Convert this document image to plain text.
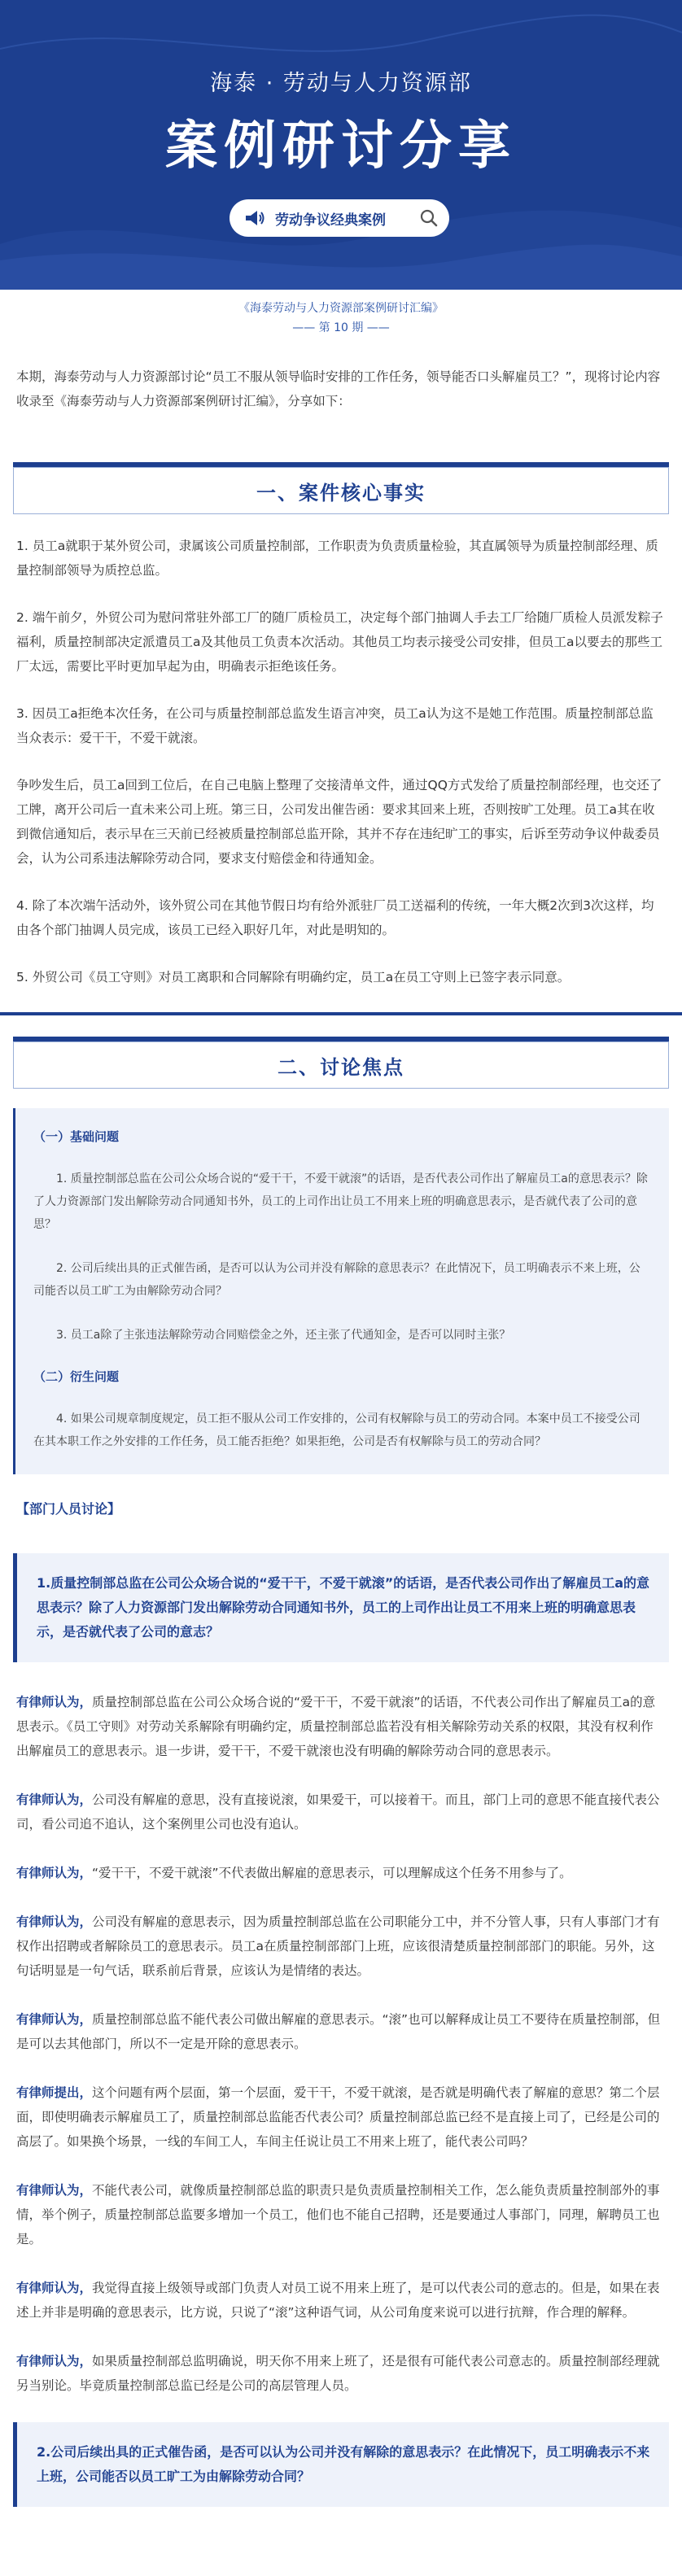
海泰 · 劳动与人力资源部
案例研讨分享
劳动争议经典案例
《海泰劳动与人力资源部案例研讨汇编》
—— 第 10 期 ——

本期，海泰劳动与人力资源部讨论“员工不服从领导临时安排的工作任务，领导能否口头解雇员工？”，现将讨论内容收录至《海泰劳动与人力资源部案例研讨汇编》，分享如下：

一、案件核心事实

1. 员工a就职于某外贸公司，隶属该公司质量控制部，工作职责为负责质量检验，其直属领导为质量控制部经理、质量控制部领导为质控总监。

2. 端午前夕，外贸公司为慰问常驻外部工厂的随厂质检员工，决定每个部门抽调人手去工厂给随厂质检人员派发粽子福利，质量控制部决定派遣员工a及其他员工负责本次活动。其他员工均表示接受公司安排，但员工a以要去的那些工厂太远，需要比平时更加早起为由，明确表示拒绝该任务。

3. 因员工a拒绝本次任务，在公司与质量控制部总监发生语言冲突，员工a认为这不是她工作范围。质量控制部总监当众表示：爱干干，不爱干就滚。

争吵发生后，员工a回到工位后，在自己电脑上整理了交接清单文件，通过QQ方式发给了质量控制部经理，也交还了工牌，离开公司后一直未来公司上班。第三日，公司发出催告函：要求其回来上班，否则按旷工处理。员工a其在收到微信通知后，表示早在三天前已经被质量控制部总监开除，其并不存在违纪旷工的事实，后诉至劳动争议仲裁委员会，认为公司系违法解除劳动合同，要求支付赔偿金和待通知金。

4. 除了本次端午活动外，该外贸公司在其他节假日均有给外派驻厂员工送福利的传统，一年大概2次到3次这样，均由各个部门抽调人员完成，该员工已经入职好几年，对此是明知的。

5. 外贸公司《员工守则》对员工离职和合同解除有明确约定，员工a在员工守则上已签字表示同意。

二、讨论焦点
（一）基础问题

1. 质量控制部总监在公司公众场合说的“爱干干，不爱干就滚”的话语，是否代表公司作出了解雇员工a的意思表示？除了人力资源部门发出解除劳动合同通知书外，员工的上司作出让员工不用来上班的明确意思表示，是否就代表了公司的意思？

2. 公司后续出具的正式催告函，是否可以认为公司并没有解除的意思表示？在此情况下，员工明确表示不来上班，公司能否以员工旷工为由解除劳动合同？

3. 员工a除了主张违法解除劳动合同赔偿金之外，还主张了代通知金，是否可以同时主张？

（二）衍生问题

4. 如果公司规章制度规定，员工拒不服从公司工作安排的，公司有权解除与员工的劳动合同。本案中员工不接受公司在其本职工作之外安排的工作任务，员工能否拒绝？如果拒绝，公司是否有权解除与员工的劳动合同？

【部门人员讨论】

1.质量控制部总监在公司公众场合说的“爱干干，不爱干就滚”的话语，是否代表公司作出了解雇员工a的意思表示？除了人力资源部门发出解除劳动合同通知书外，员工的上司作出让员工不用来上班的明确意思表示，是否就代表了公司的意志？

有律师认为，质量控制部总监在公司公众场合说的“爱干干，不爱干就滚”的话语，不代表公司作出了解雇员工a的意思表示。《员工守则》对劳动关系解除有明确约定，质量控制部总监若没有相关解除劳动关系的权限，其没有权利作出解雇员工的意思表示。退一步讲，爱干干，不爱干就滚也没有明确的解除劳动合同的意思表示。

有律师认为，公司没有解雇的意思，没有直接说滚，如果爱干，可以接着干。而且，部门上司的意思不能直接代表公司，看公司追不追认，这个案例里公司也没有追认。

有律师认为，“爱干干，不爱干就滚”不代表做出解雇的意思表示，可以理解成这个任务不用参与了。

有律师认为，公司没有解雇的意思表示，因为质量控制部总监在公司职能分工中，并不分管人事，只有人事部门才有权作出招聘或者解除员工的意思表示。员工a在质量控制部部门上班，应该很清楚质量控制部部门的职能。另外，这句话明显是一句气话，联系前后背景，应该认为是情绪的表达。

有律师认为，质量控制部总监不能代表公司做出解雇的意思表示。“滚”也可以解释成让员工不要待在质量控制部，但是可以去其他部门，所以不一定是开除的意思表示。

有律师提出，这个问题有两个层面，第一个层面，爱干干，不爱干就滚，是否就是明确代表了解雇的意思？第二个层面，即使明确表示解雇员工了，质量控制部总监能否代表公司？质量控制部总监已经不是直接上司了，已经是公司的高层了。如果换个场景，一线的车间工人，车间主任说让员工不用来上班了，能代表公司吗？

有律师认为，不能代表公司，就像质量控制部总监的职责只是负责质量控制相关工作，怎么能负责质量控制部外的事情，举个例子，质量控制部总监要多增加一个员工，他们也不能自己招聘，还是要通过人事部门，同理，解聘员工也是。

有律师认为，我觉得直接上级领导或部门负责人对员工说不用来上班了，是可以代表公司的意志的。但是，如果在表述上并非是明确的意思表示，比方说，只说了“滚”这种语气词，从公司角度来说可以进行抗辩，作合理的解释。

有律师认为，如果质量控制部总监明确说，明天你不用来上班了，还是很有可能代表公司意志的。质量控制部经理就另当别论。毕竟质量控制部总监已经是公司的高层管理人员。

2.公司后续出具的正式催告函，是否可以认为公司并没有解除的意思表示？在此情况下，员工明确表示不来上班，公司能否以员工旷工为由解除劳动合同？
